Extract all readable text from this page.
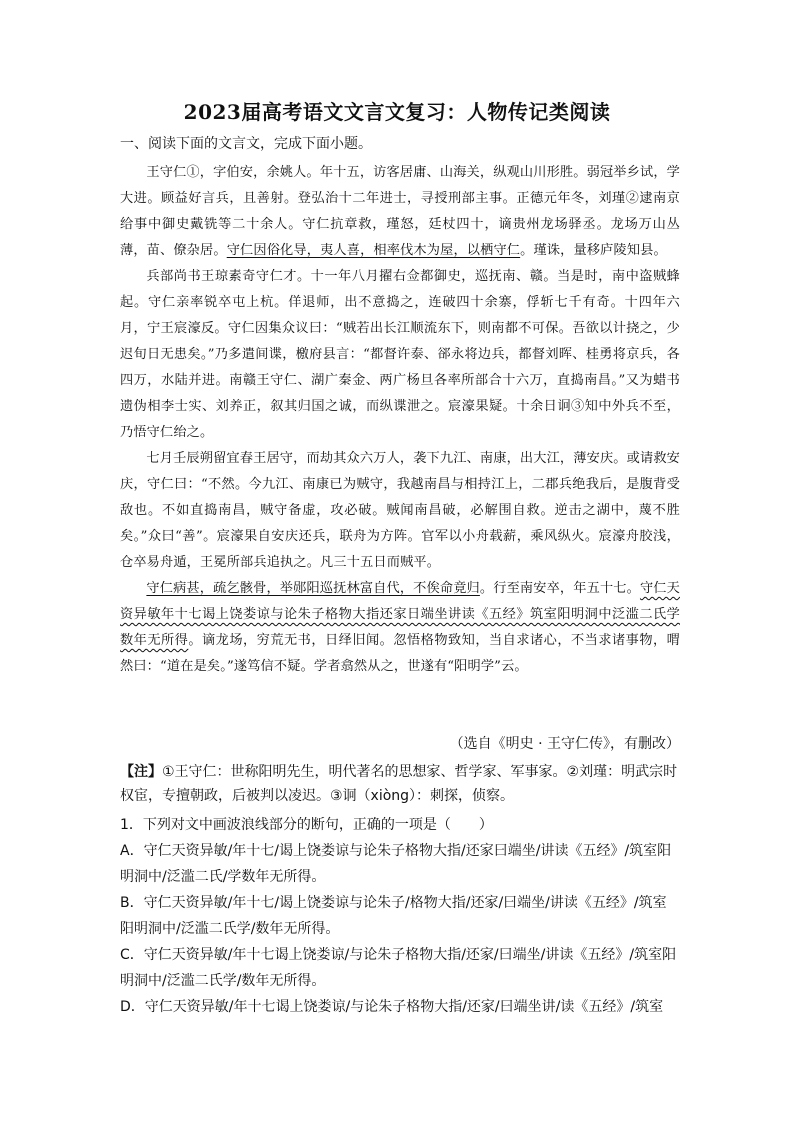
2023届高考语文文言文复习：人物传记类阅读
一、阅读下面的文言文，完成下面小题。

王守仁①，字伯安，余姚人。年十五，访客居庸、山海关，纵观山川形胜。弱冠举乡试，学大进。顾益好言兵，且善射。登弘治十二年进士，寻授刑部主事。正德元年冬，刘瑾②逮南京给事中御史戴铣等二十余人。守仁抗章救，瑾怒，廷杖四十，谪贵州龙场驿丞。龙场万山丛薄，苗、僚杂居。守仁因俗化导，夷人喜，相率伐木为屋，以栖守仁。瑾诛，量移庐陵知县。

兵部尚书王琼素奇守仁才。十一年八月擢右佥都御史，巡抚南、赣。当是时，南中盗贼蜂起。守仁亲率锐卒屯上杭。佯退师，出不意捣之，连破四十余寨，俘斩七千有奇。十四年六月，宁王宸濠反。守仁因集众议曰：“贼若出长江顺流东下，则南都不可保。吾欲以计挠之，少迟旬日无患矣。”乃多遣间谍，檄府县言：“都督许泰、郤永将边兵，都督刘晖、桂勇将京兵，各四万，水陆并进。南赣王守仁、湖广秦金、两广杨旦各率所部合十六万，直捣南昌。”又为蜡书遗伪相李士实、刘养正，叙其归国之诚，而纵谍泄之。宸濠果疑。十余日诇③知中外兵不至，乃悟守仁绐之。

七月壬辰朔留宜春王居守，而劫其众六万人，袭下九江、南康，出大江，薄安庆。或请救安庆，守仁曰：“不然。今九江、南康已为贼守，我越南昌与相持江上，二郡兵绝我后，是腹背受敌也。不如直捣南昌，贼守备虚，攻必破。贼闻南昌破，必解围自救。逆击之湖中，蔑不胜矣。”众曰“善”。宸濠果自安庆还兵，联舟为方阵。官军以小舟载薪，乘风纵火。宸濠舟胶浅，仓卒易舟遁，王冕所部兵追执之。凡三十五日而贼平。

守仁病甚，疏乞骸骨，举郧阳巡抚林富自代，不俟命竟归。行至南安卒，年五十七。守仁天资异敏年十七谒上饶娄谅与论朱子格物大指还家日端坐讲读《五经》筑室阳明洞中泛滥二氏学数年无所得。谪龙场，穷荒无书，日绎旧闻。忽悟格物致知，当自求诸心，不当求诸事物，喟然曰：“道在是矣。”遂笃信不疑。学者翕然从之，世遂有“阳明学”云。

（选自《明史 · 王守仁传》，有删改）
【注】①王守仁：世称阳明先生，明代著名的思想家、哲学家、军事家。②刘瑾：明武宗时权宦，专擅朝政，后被判以凌迟。③诇（xiòng）：刺探，侦察。

1．下列对文中画波浪线部分的断句，正确的一项是（　　）

A．守仁天资异敏/年十七/谒上饶娄谅与论朱子格物大指/还家曰端坐/讲读《五经》/筑室阳明洞中/泛滥二氏/学数年无所得。

B．守仁天资异敏/年十七/谒上饶娄谅与论朱子/格物大指/还家/曰端坐/讲读《五经》/筑室阳明洞中/泛滥二氏学/数年无所得。

C．守仁天资异敏/年十七谒上饶娄谅/与论朱子格物大指/还家/曰端坐/讲读《五经》/筑室阳明洞中/泛滥二氏学/数年无所得。

D．守仁天资异敏/年十七谒上饶娄谅/与论朱子格物大指/还家/曰端坐讲/读《五经》/筑室
